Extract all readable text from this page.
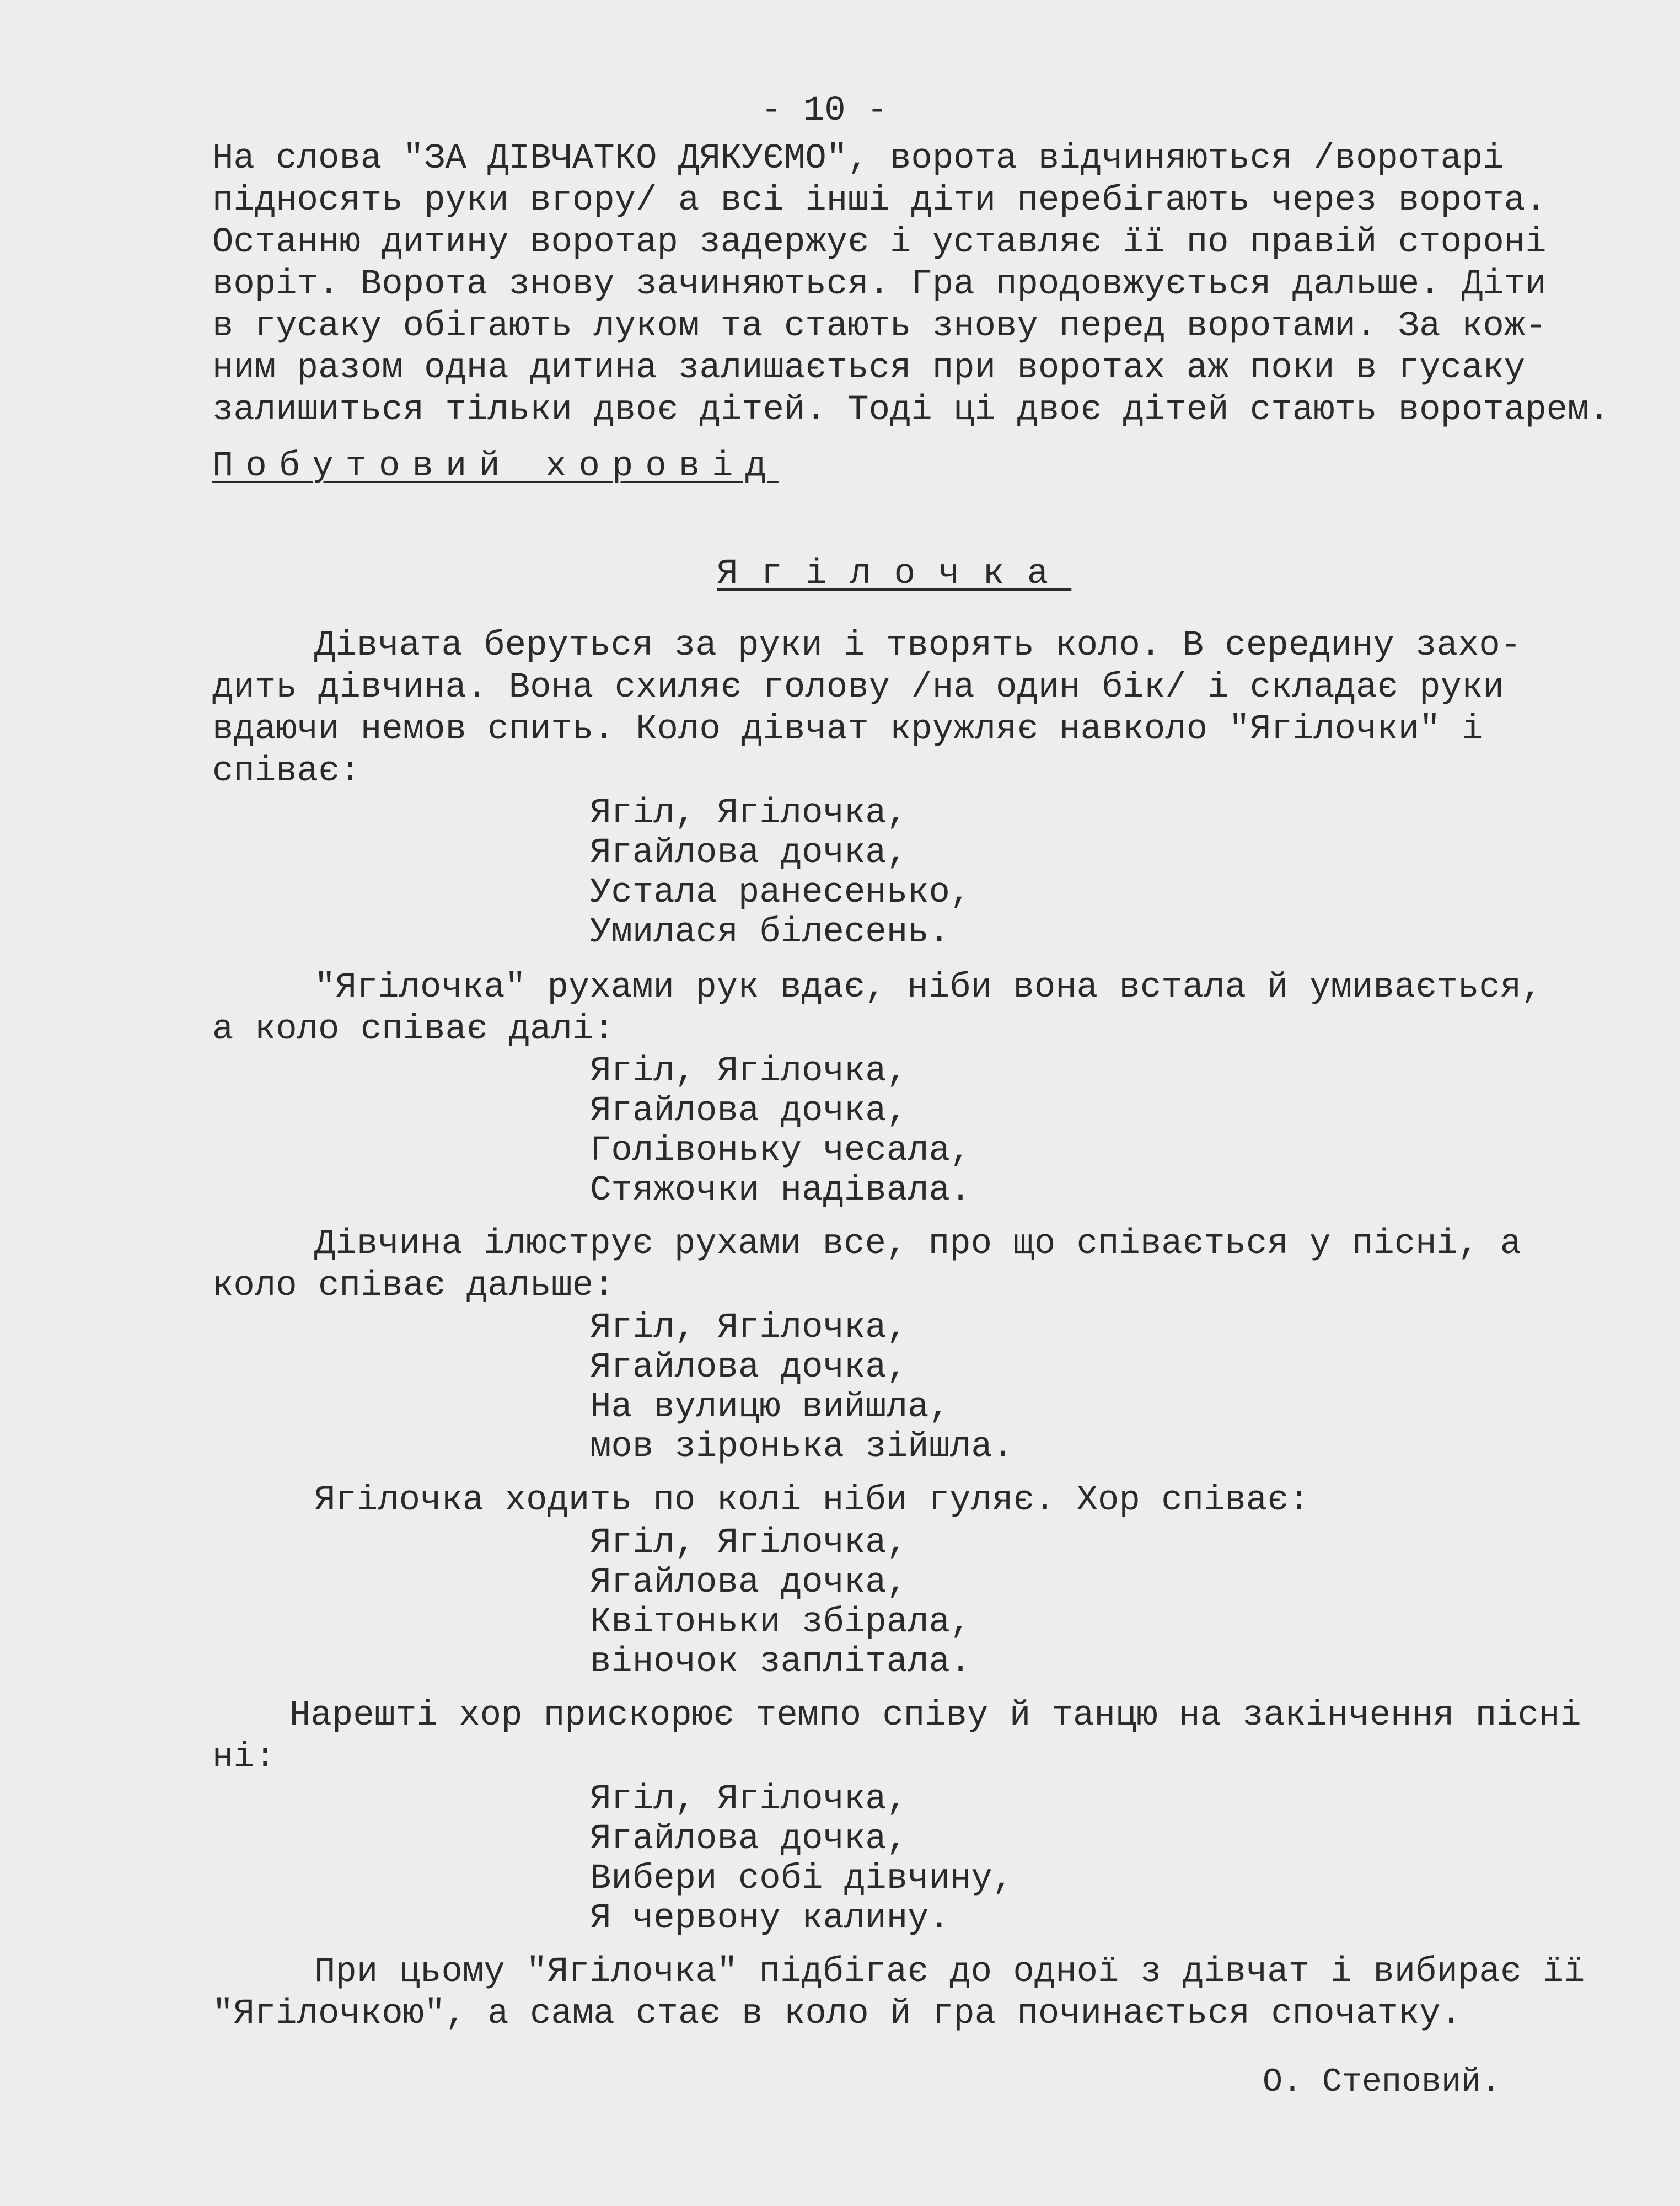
- 10 -

На слова "ЗА ДІВЧАТКО ДЯКУЄМО", ворота відчиняються /воротарі

підносять руки вгору/ а всі інші діти перебігають через ворота.

Останню дитину воротар задержує і уставляє її по правій стороні

воріт. Ворота знову зачиняються. Гра продовжується дальше. Діти

в гусаку обігають луком та стають знову перед воротами. За кож-

ним разом одна дитина залишається при воротах аж поки в гусаку

залишиться тільки двоє дітей. Тоді ці двоє дітей стають воротарем.

Побутовий хоровід

Ягілочка

Дівчата беруться за руки і творять коло. В середину захо-

дить дівчина. Вона схиляє голову /на один бік/ і складає руки

вдаючи немов спить. Коло дівчат кружляє навколо "Ягілочки" і

співає:

Ягіл, Ягілочка,

Ягайлова дочка,

Устала ранесенько,

Умилася білесень.

"Ягілочка" рухами рук вдає, ніби вона встала й умивається,

а коло співає далі:

Ягіл, Ягілочка,

Ягайлова дочка,

Голівоньку чесала,

Стяжочки надівала.

Дівчина ілюструє рухами все, про що співається у пісні, а

коло співає дальше:

Ягіл, Ягілочка,

Ягайлова дочка,

На вулицю вийшла,

мов зіронька зійшла.

Ягілочка ходить по колі ніби гуляє. Хор співає:

Ягіл, Ягілочка,

Ягайлова дочка,

Квітоньки збірала,

віночок заплітала.

Нарешті хор прискорює темпо співу й танцю на закінчення пісні

ні:

Ягіл, Ягілочка,

Ягайлова дочка,

Вибери собі дівчину,

Я червону калину.

При цьому "Ягілочка" підбігає до одної з дівчат і вибирає її

"Ягілочкою", а сама стає в коло й гра починається спочатку.

О. Степовий.
